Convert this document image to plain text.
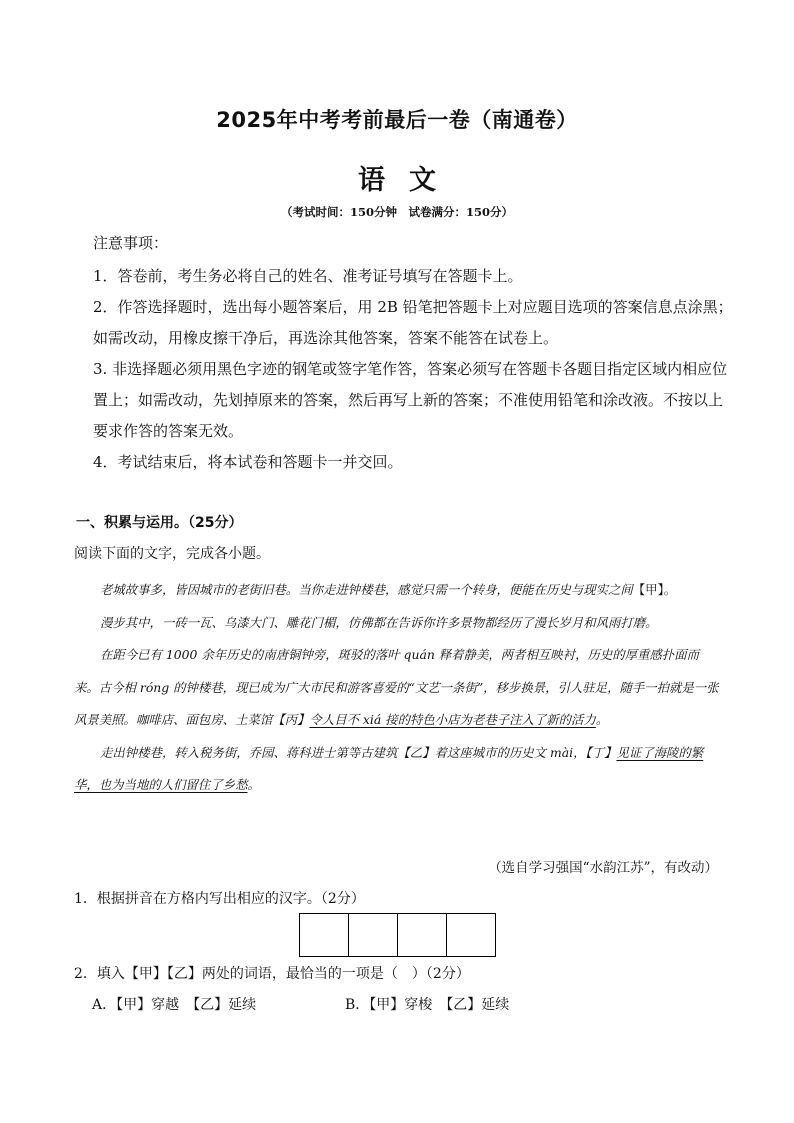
2025年中考考前最后一卷（南通卷）
语文
（考试时间：150分钟　试卷满分：150分）
注意事项：
1．答卷前，考生务必将自己的姓名、准考证号填写在答题卡上。
2．作答选择题时，选出每小题答案后，用 2B 铅笔把答题卡上对应题目选项的答案信息点涂黑；如需改动，用橡皮擦干净后，再选涂其他答案，答案不能答在试卷上。
3. 非选择题必须用黑色字迹的钢笔或签字笔作答，答案必须写在答题卡各题目指定区域内相应位置上；如需改动，先划掉原来的答案，然后再写上新的答案；不准使用铅笔和涂改液。不按以上要求作答的答案无效。
4．考试结束后，将本试卷和答题卡一并交回。
一、积累与运用。（25分）
阅读下面的文字，完成各小题。
老城故事多，皆因城市的老街旧巷。当你走进钟楼巷，感觉只需一个转身，便能在历史与现实之间【甲】。
漫步其中，一砖一瓦、乌漆大门、雕花门楣，仿佛都在告诉你许多景物都经历了漫长岁月和风雨打磨。
在距今已有 1000 余年历史的南唐铜钟旁，斑驳的落叶 quán 释着静美，两者相互映衬，历史的厚重感扑面而来。古今相 róng 的钟楼巷，现已成为广大市民和游客喜爱的“文艺一条街”，移步换景，引人驻足，随手一拍就是一张风景美照。咖啡店、面包房、土菜馆【丙】令人目不 xiá 接的特色小店为老巷子注入了新的活力。
走出钟楼巷，转入税务街，乔园、蒋科进士第等古建筑【乙】着这座城市的历史文 mài，【丁】见证了海陵的繁华，也为当地的人们留住了乡愁。
（选自学习强国“水韵江苏”，有改动）
1．根据拼音在方格内写出相应的汉字。（2分）
2．填入【甲】【乙】两处的词语，最恰当的一项是（　）（2分）
A．【甲】穿越　【乙】延续	B．【甲】穿梭　【乙】延续
